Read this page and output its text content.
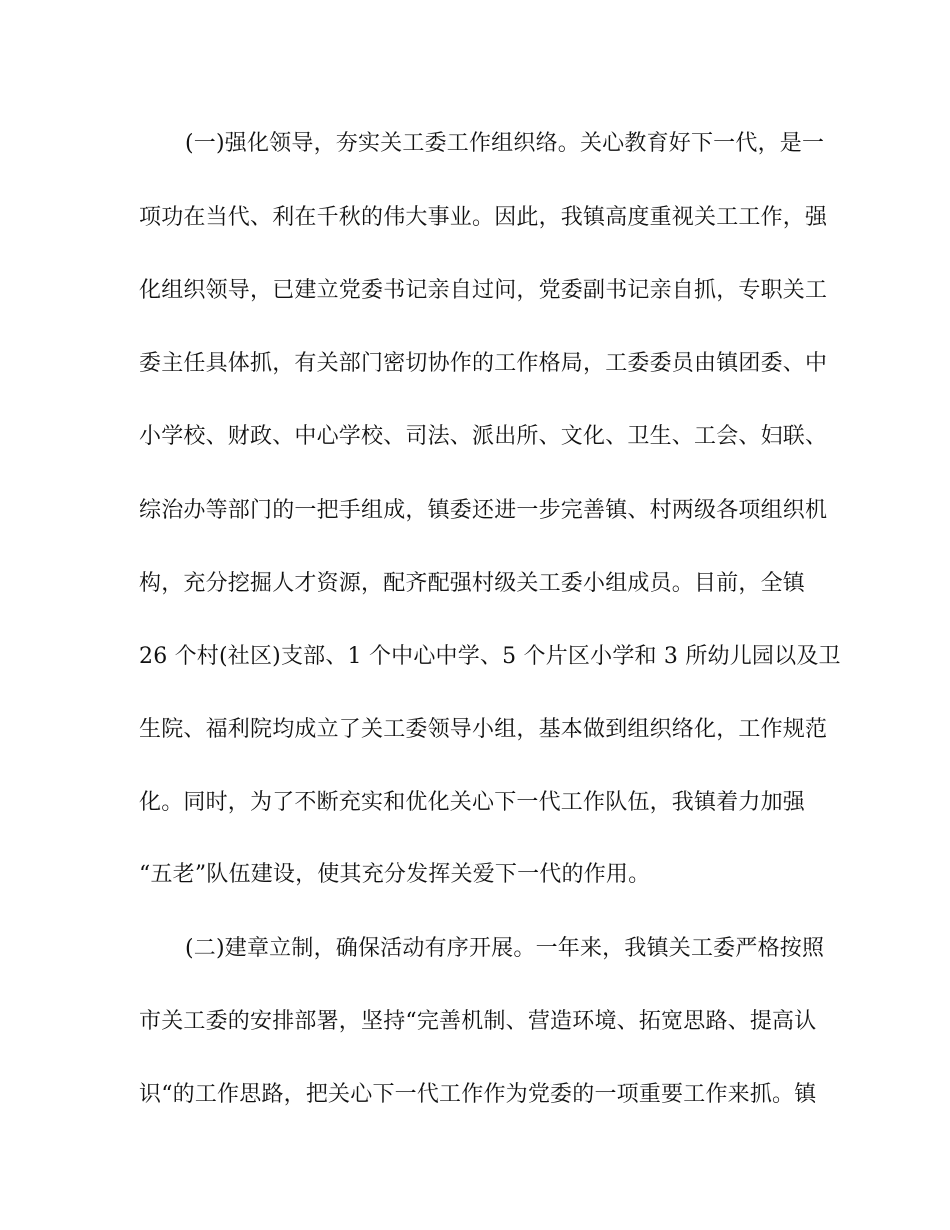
(一)强化领导，夯实关工委工作组织络。关心教育好下一代，是一
项功在当代、利在千秋的伟大事业。因此，我镇高度重视关工工作，强
化组织领导，已建立党委书记亲自过问，党委副书记亲自抓，专职关工
委主任具体抓，有关部门密切协作的工作格局，工委委员由镇团委、中
小学校、财政、中心学校、司法、派出所、文化、卫生、工会、妇联、
综治办等部门的一把手组成，镇委还进一步完善镇、村两级各项组织机
构，充分挖掘人才资源，配齐配强村级关工委小组成员。目前，全镇
26 个村(社区)支部、1 个中心中学、5 个片区小学和 3 所幼儿园以及卫
生院、福利院均成立了关工委领导小组，基本做到组织络化，工作规范
化。同时，为了不断充实和优化关心下一代工作队伍，我镇着力加强
“五老”队伍建设，使其充分发挥关爱下一代的作用。
(二)建章立制，确保活动有序开展。一年来，我镇关工委严格按照
市关工委的安排部署，坚持“完善机制、营造环境、拓宽思路、提高认
识“的工作思路，把关心下一代工作作为党委的一项重要工作来抓。镇
